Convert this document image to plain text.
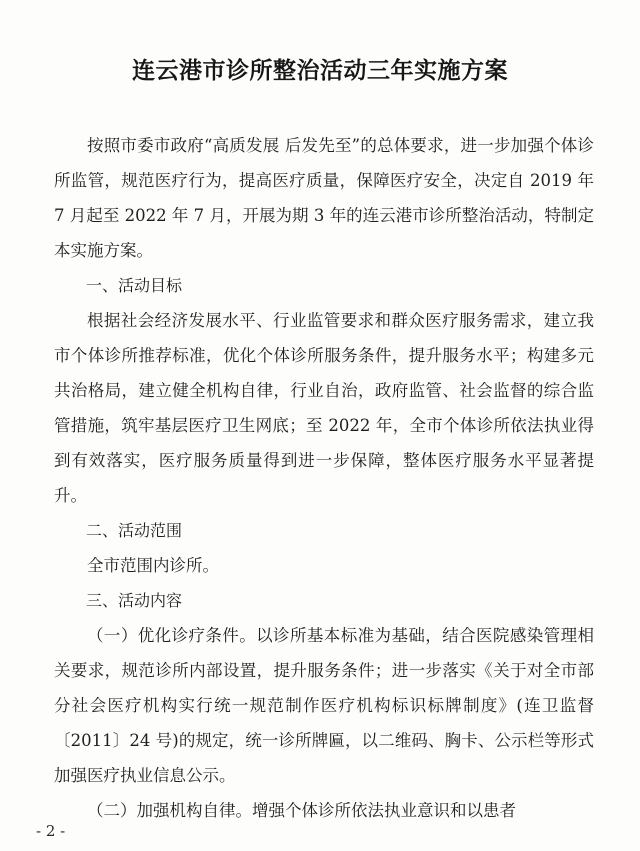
连云港市诊所整治活动三年实施方案

按照市委市政府“高质发展 后发先至”的总体要求，进一步加强个体诊所监管，规范医疗行为，提高医疗质量，保障医疗安全，决定自 2019 年 7 月起至 2022 年 7 月，开展为期 3 年的连云港市诊所整治活动，特制定本实施方案。

一、活动目标

根据社会经济发展水平、行业监管要求和群众医疗服务需求，建立我市个体诊所推荐标准，优化个体诊所服务条件，提升服务水平；构建多元共治格局，建立健全机构自律，行业自治，政府监管、社会监督的综合监管措施，筑牢基层医疗卫生网底；至 2022 年，全市个体诊所依法执业得到有效落实，医疗服务质量得到进一步保障，整体医疗服务水平显著提升。

二、活动范围

全市范围内诊所。

三、活动内容

（一）优化诊疗条件。以诊所基本标准为基础，结合医院感染管理相关要求，规范诊所内部设置，提升服务条件；进一步落实《关于对全市部分社会医疗机构实行统一规范制作医疗机构标识标牌制度》(连卫监督〔2011〕24 号)的规定，统一诊所牌匾，以二维码、胸卡、公示栏等形式加强医疗执业信息公示。

（二）加强机构自律。增强个体诊所依法执业意识和以患者

- 2 -
